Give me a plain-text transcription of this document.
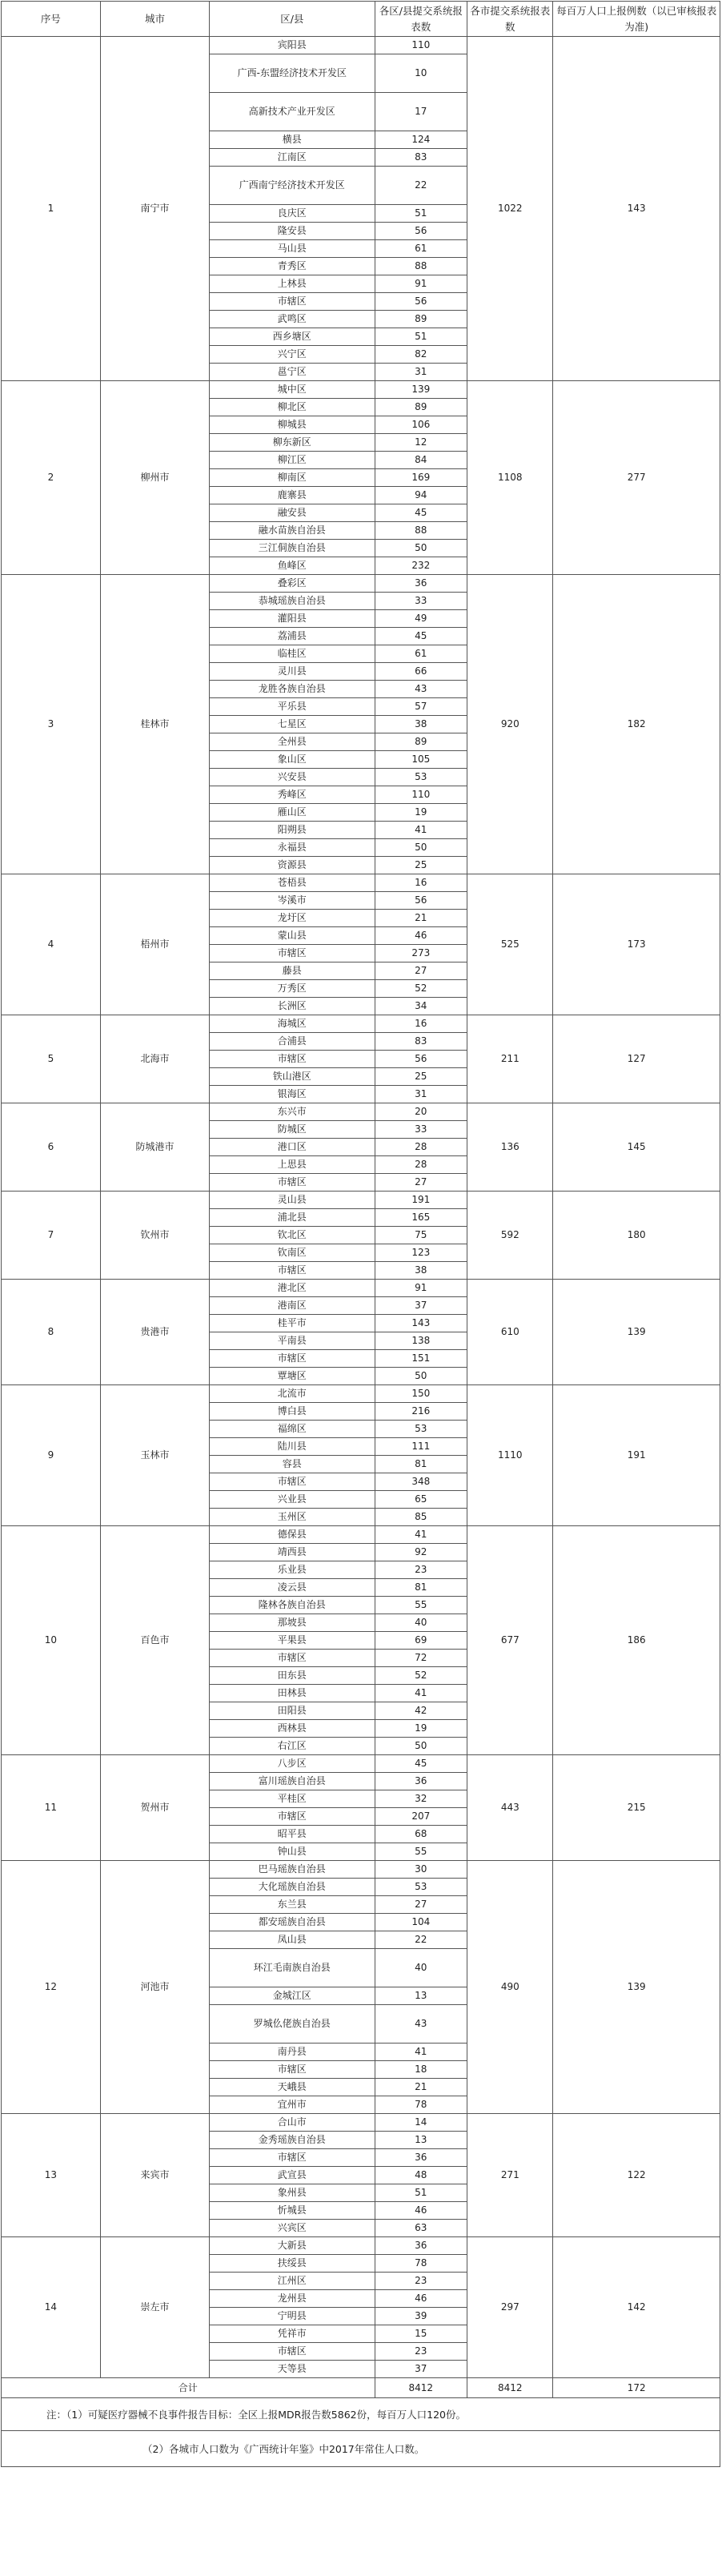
序号	城市	区/县	各区/县提交系统报表数	各市提交系统报表数	每百万人口上报例数（以已审核报表为准)
1	南宁市	宾阳县	110	1022	143
		广西-东盟经济技术开发区	10		
		高新技术产业开发区	17		
		横县	124		
		江南区	83		
		广西南宁经济技术开发区	22		
		良庆区	51		
		隆安县	56		
		马山县	61		
		青秀区	88		
		上林县	91		
		市辖区	56		
		武鸣区	89		
		西乡塘区	51		
		兴宁区	82		
		邕宁区	31		
2	柳州市	城中区	139	1108	277
		柳北区	89		
		柳城县	106		
		柳东新区	12		
		柳江区	84		
		柳南区	169		
		鹿寨县	94		
		融安县	45		
		融水苗族自治县	88		
		三江侗族自治县	50		
		鱼峰区	232		
3	桂林市	叠彩区	36	920	182
		恭城瑶族自治县	33		
		灌阳县	49		
		荔浦县	45		
		临桂区	61		
		灵川县	66		
		龙胜各族自治县	43		
		平乐县	57		
		七星区	38		
		全州县	89		
		象山区	105		
		兴安县	53		
		秀峰区	110		
		雁山区	19		
		阳朔县	41		
		永福县	50		
		资源县	25		
4	梧州市	苍梧县	16	525	173
		岑溪市	56		
		龙圩区	21		
		蒙山县	46		
		市辖区	273		
		藤县	27		
		万秀区	52		
		长洲区	34		
5	北海市	海城区	16	211	127
		合浦县	83		
		市辖区	56		
		铁山港区	25		
		银海区	31		
6	防城港市	东兴市	20	136	145
		防城区	33		
		港口区	28		
		上思县	28		
		市辖区	27		
7	钦州市	灵山县	191	592	180
		浦北县	165		
		钦北区	75		
		钦南区	123		
		市辖区	38		
8	贵港市	港北区	91	610	139
		港南区	37		
		桂平市	143		
		平南县	138		
		市辖区	151		
		覃塘区	50		
9	玉林市	北流市	150	1110	191
		博白县	216		
		福绵区	53		
		陆川县	111		
		容县	81		
		市辖区	348		
		兴业县	65		
		玉州区	85		
10	百色市	德保县	41	677	186
		靖西县	92		
		乐业县	23		
		凌云县	81		
		隆林各族自治县	55		
		那坡县	40		
		平果县	69		
		市辖区	72		
		田东县	52		
		田林县	41		
		田阳县	42		
		西林县	19		
		右江区	50		
11	贺州市	八步区	45	443	215
		富川瑶族自治县	36		
		平桂区	32		
		市辖区	207		
		昭平县	68		
		钟山县	55		
12	河池市	巴马瑶族自治县	30	490	139
		大化瑶族自治县	53		
		东兰县	27		
		都安瑶族自治县	104		
		凤山县	22		
		环江毛南族自治县	40		
		金城江区	13		
		罗城仫佬族自治县	43		
		南丹县	41		
		市辖区	18		
		天峨县	21		
		宜州市	78		
13	来宾市	合山市	14	271	122
		金秀瑶族自治县	13		
		市辖区	36		
		武宣县	48		
		象州县	51		
		忻城县	46		
		兴宾区	63		
14	崇左市	大新县	36	297	142
		扶绥县	78		
		江州区	23		
		龙州县	46		
		宁明县	39		
		凭祥市	15		
		市辖区	23		
		天等县	37		
合计			8412	8412	172
注：（1）可疑医疗器械不良事件报告目标：全区上报MDR报告数5862份，每百万人口120份。					
（2）各城市人口数为《广西统计年鉴》中2017年常住人口数。					
